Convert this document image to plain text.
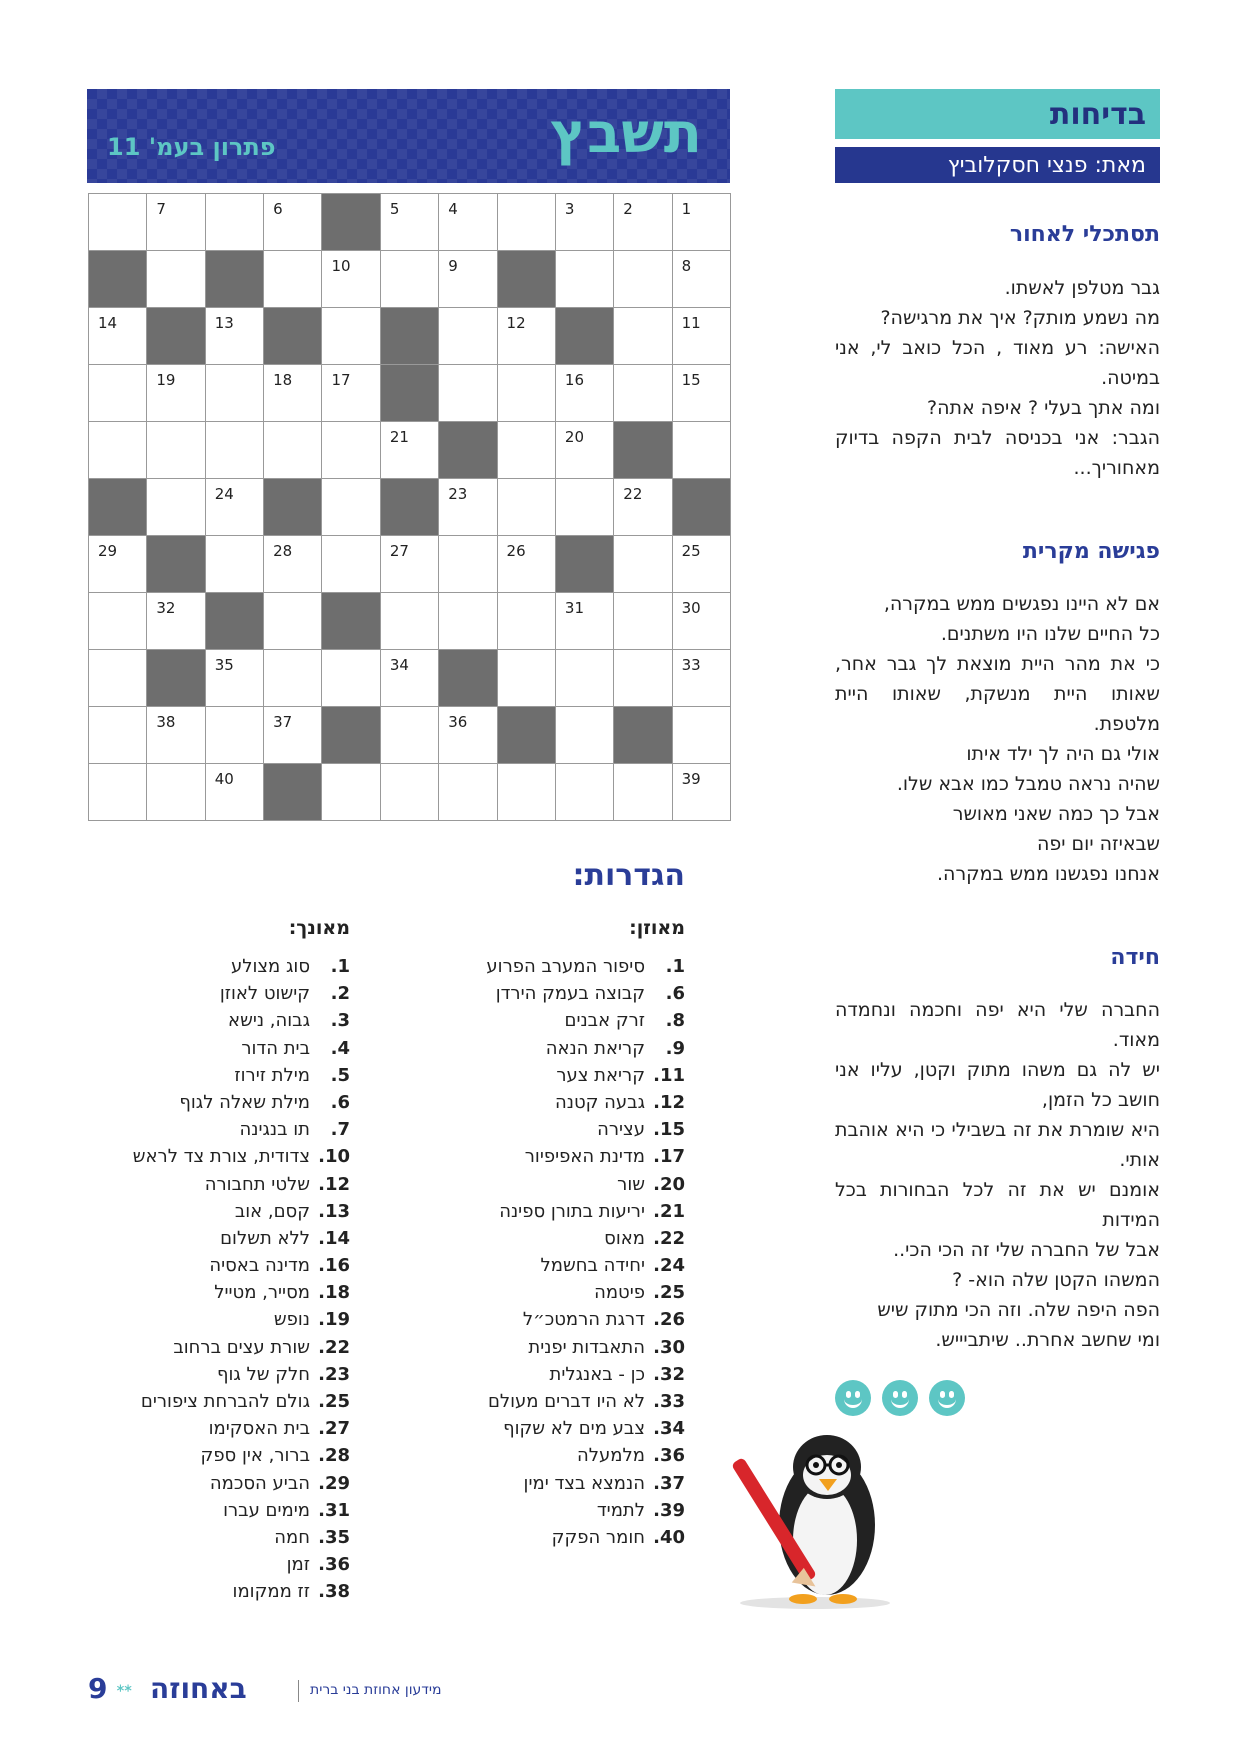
בדיחות
מאת: פנצי חסקלוביץ
תסתכלי לאחור

גבר מטלפן לאשתו.

מה נשמע מותק? איך את מרגישה?

האישה: רע מאוד , הכל כואב לי, אני במיטה.

ומה אתך בעלי ? איפה אתה?

הגבר: אני בכניסה לבית הקפה בדיוק מאחוריך...

פגישה מקרית

אם לא היינו נפגשים ממש במקרה,

כל החיים שלנו היו משתנים.

כי את מהר היית מוצאת לך גבר אחר, שאותו היית מנשקת, שאותו היית מלטפת.

אולי גם היה לך ילד איתו

שהיה נראה טמבל כמו אבא שלו.

אבל כך כמה שאני מאושר

שבאיזה יום יפה

אנחנו נפגשנו ממש במקרה.

חידה

החברה שלי היא יפה וחכמה ונחמדה מאוד.

יש לה גם משהו מתוק וקטן, עליו אני חושב כל הזמן,

היא שומרת את זה בשבילי כי היא אוהבת אותי.

אומנם יש את זה לכל הבחורות בכל המידות

אבל של החברה שלי זה הכי הכי..

המשהו הקטן שלה הוא- ?

הפה היפה שלה. וזה הכי מתוק שיש

ומי שחשב אחרת.. שיתביייש.

תשבץ
פתרון בעמ' 11
1
2
3
4
5
6
7
8
9
10
11
12
13
14
15
16
17
18
19
20
21
22
23
24
25
26
27
28
29
30
31
32
33
34
35
36
37
38
39
40
הגדרות:
מאוזן:
1.סיפור המערב הפרוע
6.קבוצה בעמק הירדן
8.זרק אבנים
9.קריאת הנאה
11.קריאת צער
12.גבעה קטנה
15.עצירה
17.מדינת האפיפיור
20.שור
21.יריעות בתורן ספינה
22.מאוס
24.יחידה בחשמל
25.פיטמה
26.דרגת הרמטכ״ל
30.התאבדות יפנית
32.כן - באנגלית
33.לא היו דברים מעולם
34.צבע מים לא שקוף
36.מלמעלה
37.הנמצא בצד ימין
39.לתמיד
40.חומר הפקק
מאונך:
1.סוג מצולע
2.קישוט לאוזן
3.גבוה, נישא
4.בית הדור
5.מילת זירוז
6.מילת שאלה לגוף
7.תו בנגינה
10.צדודית, צורת צד לראש
12.שלטי תחבורה
13.קסם, אוב
14.ללא תשלום
16.מדינה באסיה
18.מסייר, מטייל
19.נופש
22.שורת עצים ברחוב
23.חלק של גוף
25.גולם להברחת ציפורים
27.בית האסקימו
28.ברור, אין ספק
29.הביע הסכמה
31.מימים עברו
35.חמה
36.זמן
38.זז ממקומו
9 ᕯ באחוזה	מידעון אחוזת בני ברית
